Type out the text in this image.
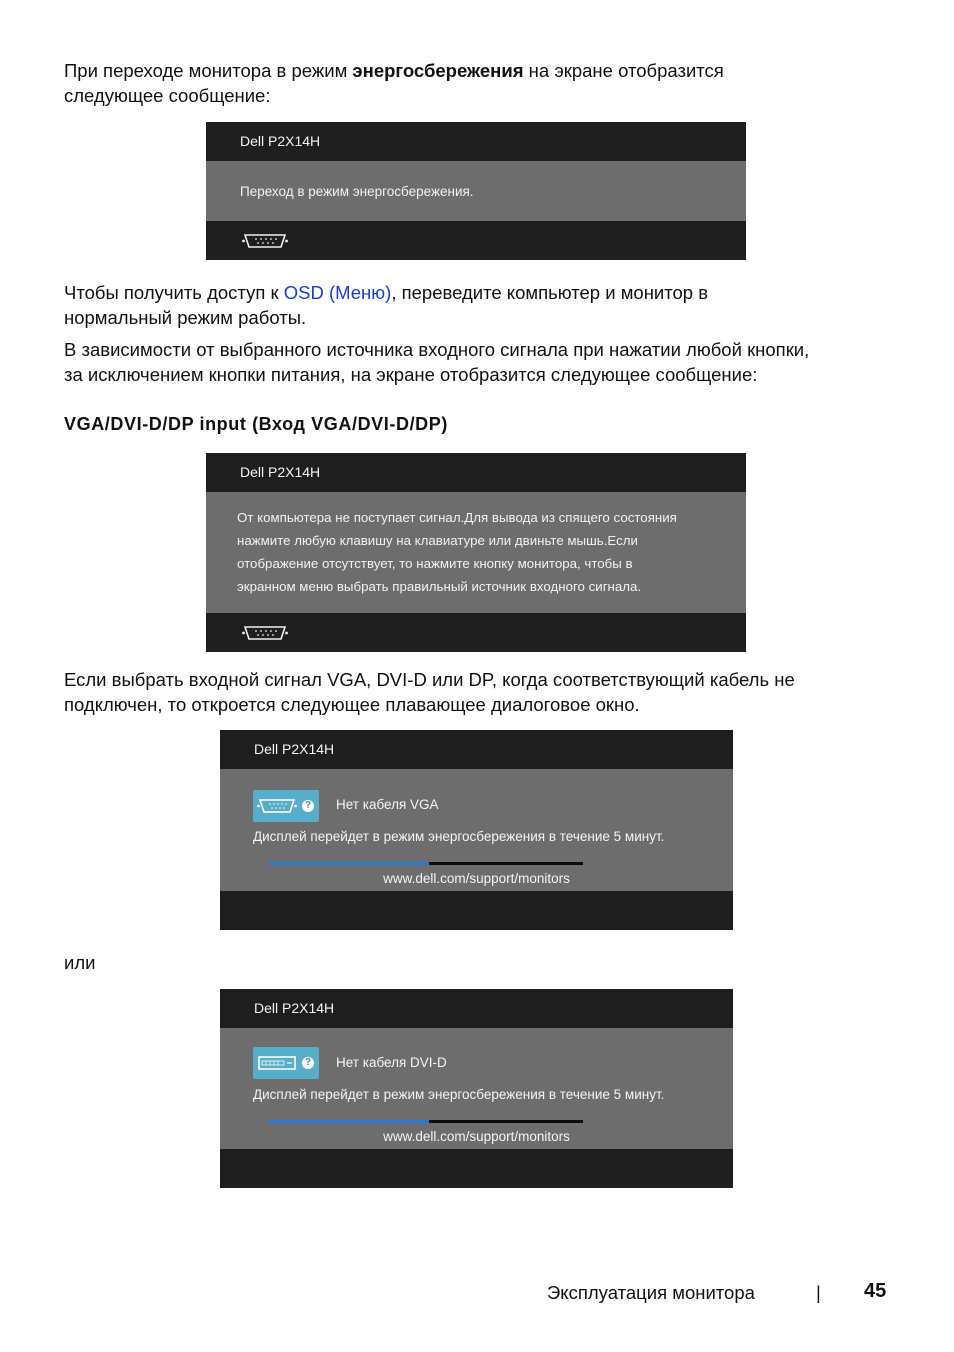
При переходе монитора в режим энергосбережения на экране отобразится
следующее сообщение:

Dell P2X14H
Переход в режим энергосбережения.

Чтобы получить доступ к OSD (Меню), переведите компьютер и монитор в
нормальный режим работы.

В зависимости от выбранного источника входного сигнала при нажатии любой кнопки,
за исключением кнопки питания, на экране отобразится следующее сообщение:

VGA/DVI-D/DP input (Вход VGA/DVI-D/DP)
Dell P2X14H
От компьютера не поступает сигнал.Для вывода из спящего состояния
нажмите любую клавишу на клавиатуре или двиньте мышь.Если
отображение отсутствует, то нажмите кнопку монитора, чтобы в
экранном меню выбрать правильный источник входного сигнала.

Если выбрать входной сигнал VGA, DVI-D или DP, когда соответствующий кабель не
подключен, то откроется следующее плавающее диалоговое окно.

Dell P2X14H
? Нет кабеля VGA
Дисплей перейдет в режим энергосбережения в течение 5 минут.
www.dell.com/support/monitors

или

Dell P2X14H
? Нет кабеля DVI-D
Дисплей перейдет в режим энергосбережения в течение 5 минут.
www.dell.com/support/monitors
Эксплуатация монитора	| 45
